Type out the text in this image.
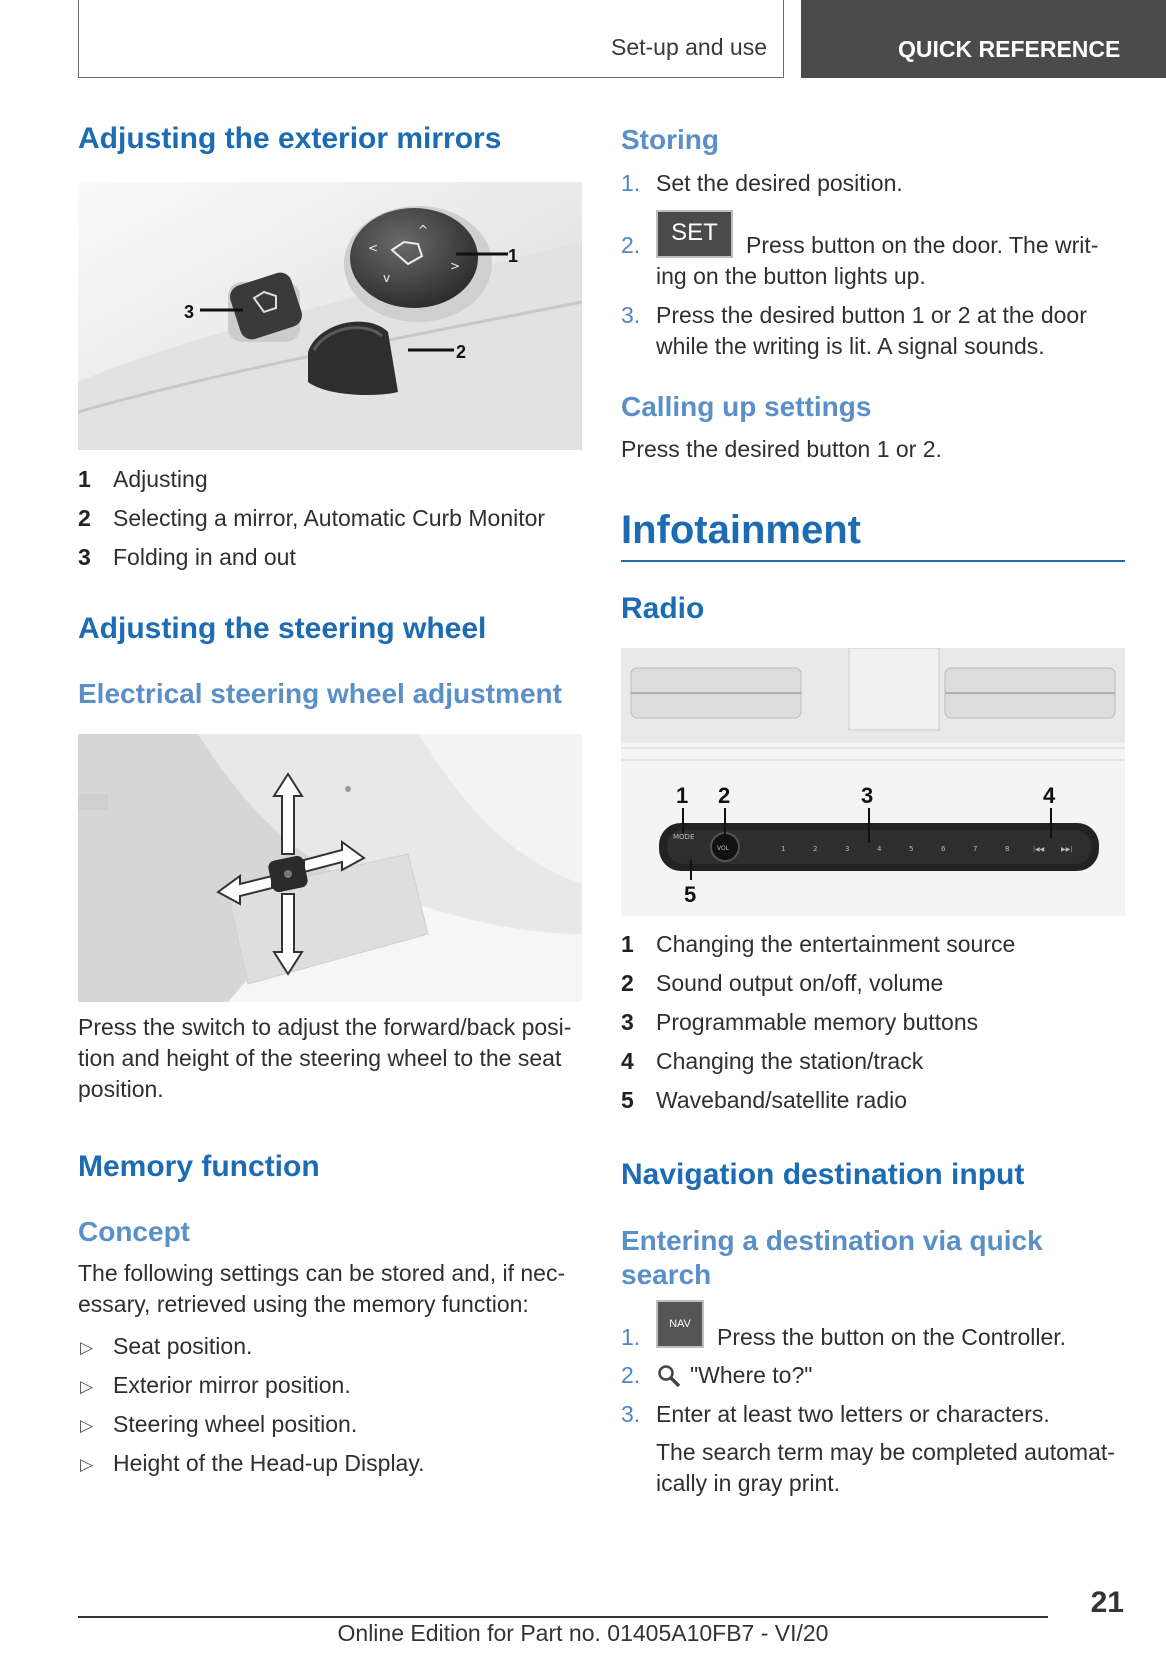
Set-up and use	QUICK REFERENCE
Adjusting the exterior mirrors
<
>
^
v
1
2
3
1 Adjusting
2 Selecting a mirror, Automatic Curb Monitor
3 Folding in and out
Adjusting the steering wheel
Electrical steering wheel adjustment

Press the switch to adjust the forward/back posi-
tion and height of the steering wheel to the seat
position.

Memory function
Concept

The following settings can be stored and, if nec-
essary, retrieved using the memory function:

▷ Seat position.
▷ Exterior mirror position.
▷ Steering wheel position.
▷ Height of the Head-up Display.
Storing
1. Set the desired position.
SET
2.	Press button on the door. The writ-
ing on the button lights up.
3. Press the desired button 1 or 2 at the door
while the writing is lit. A signal sounds.
Calling up settings

Press the desired button 1 or 2.

Infotainment
Radio
MODE
VOL	1	2	3	4	5	6	7	8	|◀◀	▶▶|
1 2	3	4
5
1 Changing the entertainment source
2 Sound output on/off, volume
3 Programmable memory buttons
4 Changing the station/track
5 Waveband/satellite radio
Navigation destination input
Entering a destination via quick
search
NAV
1.	Press the button on the Controller.
2. "Where to?"
3. Enter at least two letters or characters.

The search term may be completed automat-
ically in gray print.

21
Online Edition for Part no. 01405A10FB7 - VI/20
